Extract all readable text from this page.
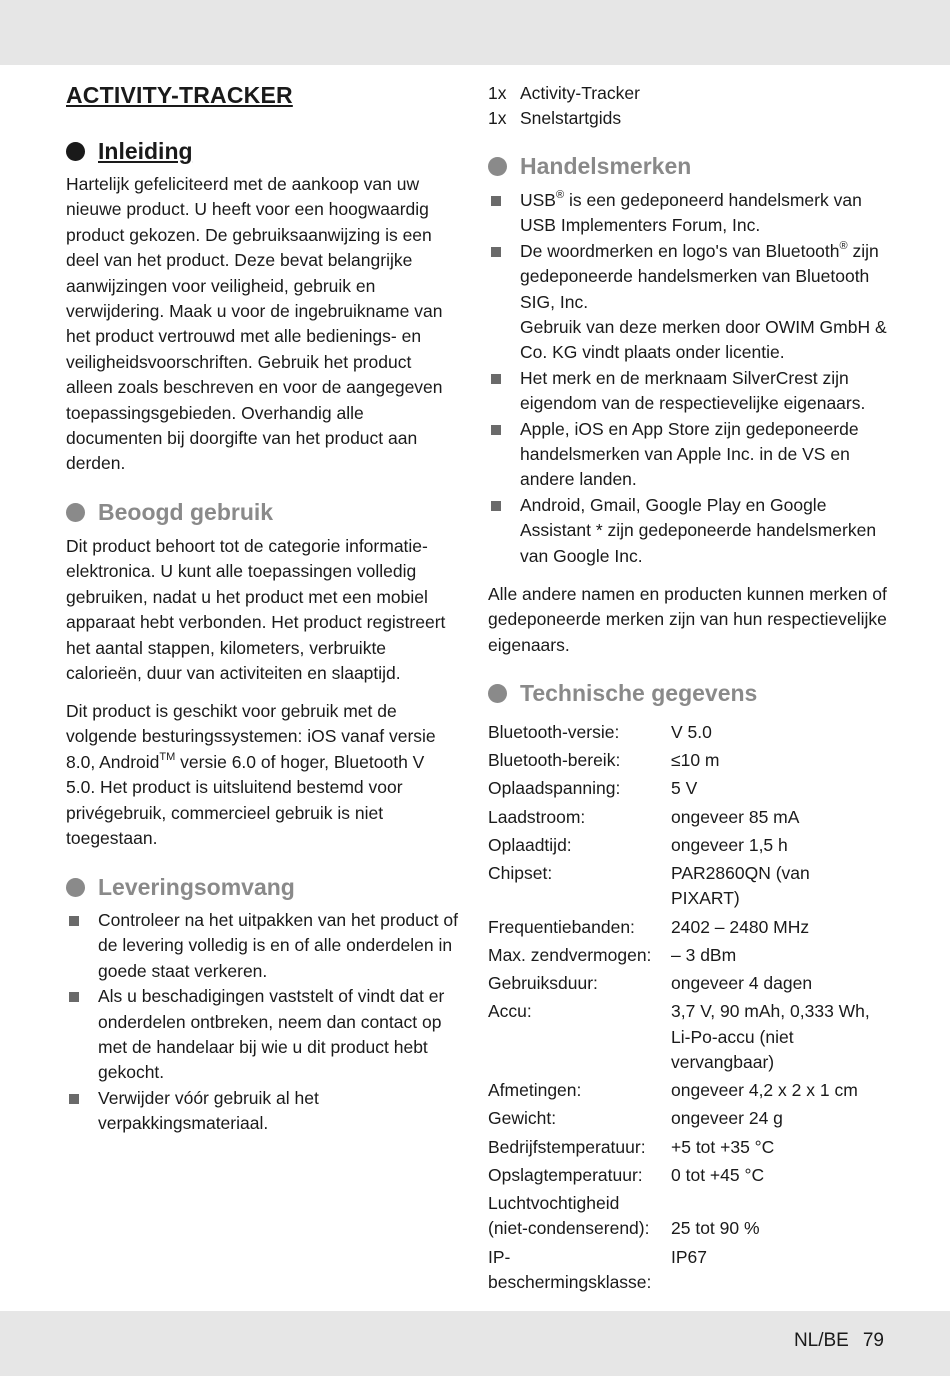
ACTIVITY-TRACKER
Inleiding

Hartelijk gefeliciteerd met de aankoop van uw nieuwe product. U heeft voor een hoogwaardig product gekozen. De gebruiksaanwijzing is een deel van het product. Deze bevat belangrijke aanwijzingen voor veiligheid, gebruik en verwijdering. Maak u voor de ingebruikname van het product vertrouwd met alle bedienings- en veiligheidsvoorschriften. Gebruik het product alleen zoals beschreven en voor de aangegeven toepassingsgebieden. Overhandig alle documenten bij doorgifte van het product aan derden.

Beoogd gebruik

Dit product behoort tot de categorie informatie-elektronica. U kunt alle toepassingen volledig gebruiken, nadat u het product met een mobiel apparaat hebt verbonden. Het product registreert het aantal stappen, kilometers, verbruikte calorieën, duur van activiteiten en slaaptijd.

Dit product is geschikt voor gebruik met de volgende besturingssystemen: iOS vanaf versie 8.0, Android™ versie 6.0 of hoger, Bluetooth V 5.0. Het product is uitsluitend bestemd voor privégebruik, commercieel gebruik is niet toegestaan.

Leveringsomvang
Controleer na het uitpakken van het product of de levering volledig is en of alle onderdelen in goede staat verkeren.
Als u beschadigingen vaststelt of vindt dat er onderdelen ontbreken, neem dan contact op met de handelaar bij wie u dit product hebt gekocht.
Verwijder vóór gebruik al het verpakkingsmateriaal.
1x Activity-Tracker
1x Snelstartgids
Handelsmerken
USB® is een gedeponeerd handelsmerk van USB Implementers Forum, Inc.
De woordmerken en logo's van Bluetooth® zijn gedeponeerde handelsmerken van Bluetooth SIG, Inc.
Gebruik van deze merken door OWIM GmbH & Co. KG vindt plaats onder licentie.
Het merk en de merknaam SilverCrest zijn eigendom van de respectievelijke eigenaars.
Apple, iOS en App Store zijn gedeponeerde handelsmerken van Apple Inc. in de VS en andere landen.
Android, Gmail, Google Play en Google Assistant * zijn gedeponeerde handelsmerken van Google Inc.

Alle andere namen en producten kunnen merken of gedeponeerde merken zijn van hun respectievelijke eigenaars.

Technische gegevens
Bluetooth-versie:	V 5.0
Bluetooth-bereik:	≤10 m
Oplaadspanning:	5 V
Laadstroom:	ongeveer 85 mA
Oplaadtijd:	ongeveer 1,5 h
Chipset:	PAR2860QN (van PIXART)
Frequentiebanden:	2402 – 2480 MHz
Max. zendvermogen:	– 3 dBm
Gebruiksduur:	ongeveer 4 dagen
Accu:	3,7 V, 90 mAh, 0,333 Wh, Li-Po-accu (niet vervangbaar)
Afmetingen:	ongeveer 4,2 x 2 x 1 cm
Gewicht:	ongeveer 24 g
Bedrijfstemperatuur:	+5 tot +35 °C
Opslagtemperatuur:	0 tot +45 °C
Luchtvochtigheid (niet-condenserend):	25 tot 90 %
IP-beschermingsklasse:	IP67
NL/BE 79
